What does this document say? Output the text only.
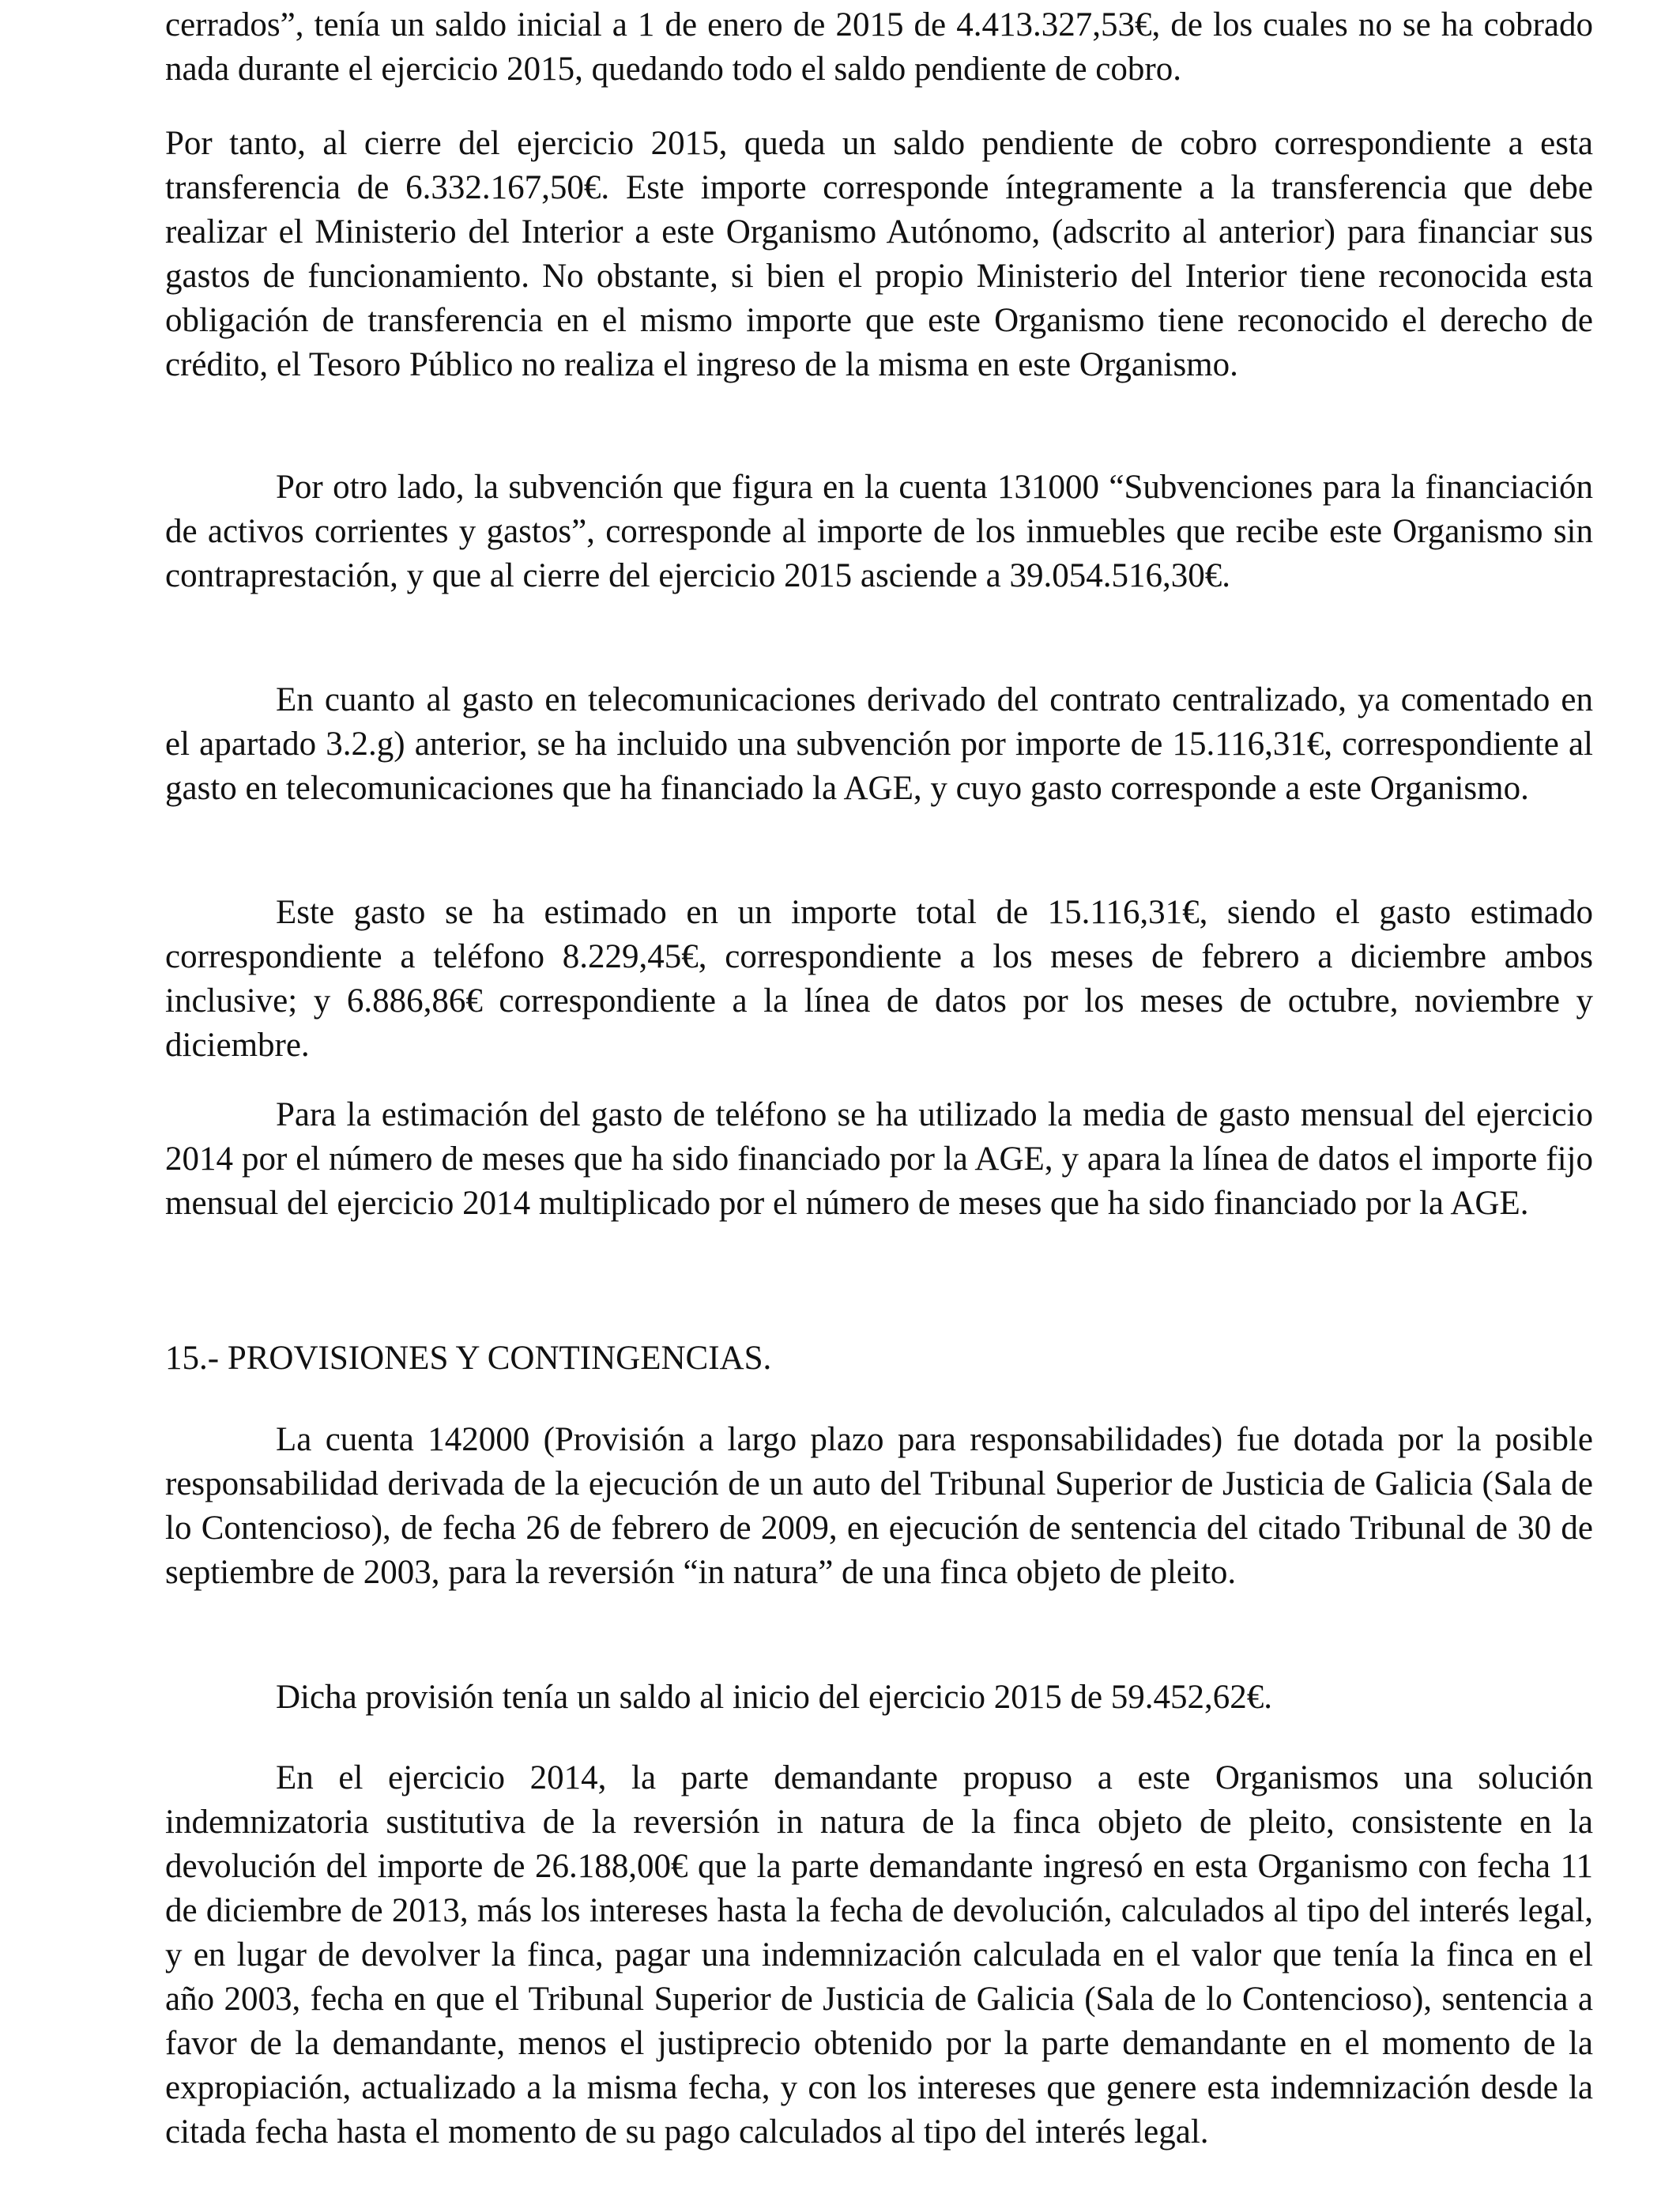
cerrados”, tenía un saldo inicial a 1 de enero de 2015 de 4.413.327,53€, de los cuales no se ha cobrado nada durante el ejercicio 2015, quedando todo el saldo pendiente de cobro.

Por tanto, al cierre del ejercicio 2015, queda un saldo pendiente de cobro correspondiente a esta transferencia de 6.332.167,50€. Este importe corresponde íntegramente a la transferencia que debe realizar el Ministerio del Interior a este Organismo Autónomo, (adscrito al anterior) para financiar sus gastos de funcionamiento. No obstante, si bien el propio Ministerio del Interior tiene reconocida esta obligación de transferencia en el mismo importe que este Organismo tiene reconocido el derecho de crédito, el Tesoro Público no realiza el ingreso de la misma en este Organismo.

Por otro lado, la subvención que figura en la cuenta 131000 “Subvenciones para la financiación de activos corrientes y gastos”, corresponde al importe de los inmuebles que recibe este Organismo sin contraprestación, y que al cierre del ejercicio 2015 asciende a 39.054.516,30€.

En cuanto al gasto en telecomunicaciones derivado del contrato centralizado, ya comentado en el apartado 3.2.g) anterior, se ha incluido una subvención por importe de 15.116,31€, correspondiente al gasto en telecomunicaciones que ha financiado la AGE, y cuyo gasto corresponde a este Organismo.

Este gasto se ha estimado en un importe total de 15.116,31€, siendo el gasto estimado correspondiente a teléfono 8.229,45€, correspondiente a los meses de febrero a diciembre ambos inclusive; y 6.886,86€ correspondiente a la línea de datos por los meses de octubre, noviembre y diciembre.

Para la estimación del gasto de teléfono se ha utilizado la media de gasto mensual del ejercicio 2014 por el número de meses que ha sido financiado por la AGE, y apara la línea de datos el importe fijo mensual del ejercicio 2014 multiplicado por el número de meses que ha sido financiado por la AGE.

15.- PROVISIONES Y CONTINGENCIAS.

La cuenta 142000 (Provisión a largo plazo para responsabilidades) fue dotada por la posible responsabilidad derivada de la ejecución de un auto del Tribunal Superior de Justicia de Galicia (Sala de lo Contencioso), de fecha 26 de febrero de 2009, en ejecución de sentencia del citado Tribunal de 30 de septiembre de 2003, para la reversión “in natura” de una finca objeto de pleito.

Dicha provisión tenía un saldo al inicio del ejercicio 2015 de 59.452,62€.

En el ejercicio 2014, la parte demandante propuso a este Organismos una solución indemnizatoria sustitutiva de la reversión in natura de la finca objeto de pleito, consistente en la devolución del importe de 26.188,00€ que la parte demandante ingresó en esta Organismo con fecha 11 de diciembre de 2013, más los intereses hasta la fecha de devolución, calculados al tipo del interés legal, y en lugar de devolver la finca, pagar una indemnización calculada en el valor que tenía la finca en el año 2003, fecha en que el Tribunal Superior de Justicia de Galicia (Sala de lo Contencioso), sentencia a favor de la demandante, menos el justiprecio obtenido por la parte demandante en el momento de la expropiación, actualizado a la misma fecha, y con los intereses que genere esta indemnización desde la citada fecha hasta el momento de su pago calculados al tipo del interés legal.
